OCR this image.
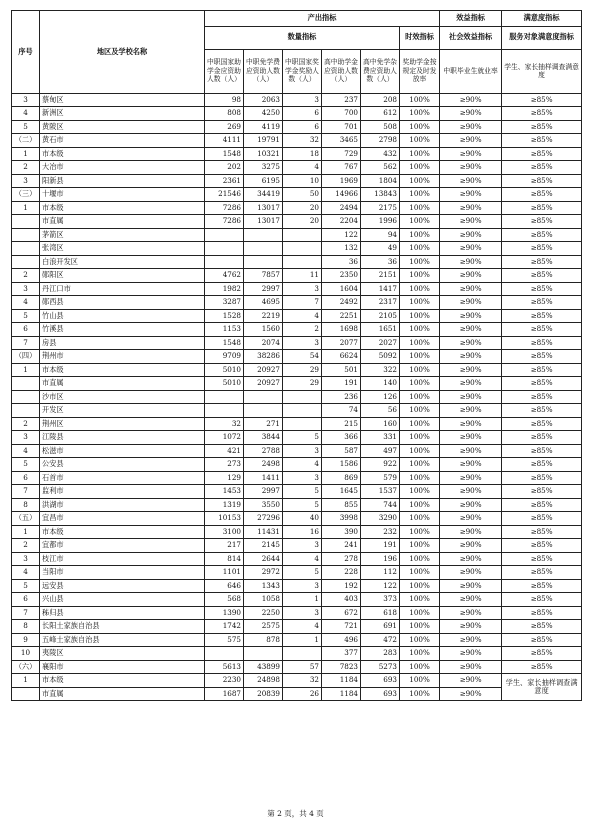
序号	地区及学校名称	产出指标						效益指标	满意度指标
		数量指标					时效指标	社会效益指标	服务对象满意度指标
		中职国家助学金应资助人数（人）	中职免学费应资助人数（人）	中职国家奖学金奖励人数（人）	高中助学金应资助人数（人）	高中免学杂费应资助人数（人）	奖助学金按规定及时发放率	中职毕业生就业率	学生、家长抽样调查满意度
3	蔡甸区	98	2063	3	237	208	100%	≥90%	≥85%
4	新洲区	808	4250	6	700	612	100%	≥90%	≥85%
5	黄陂区	269	4119	6	701	508	100%	≥90%	≥85%
（二）	黄石市	4111	19791	32	3465	2798	100%	≥90%	≥85%
1	市本级	1548	10321	18	729	432	100%	≥90%	≥85%
2	大冶市	202	3275	4	767	562	100%	≥90%	≥85%
3	阳新县	2361	6195	10	1969	1804	100%	≥90%	≥85%
（三）	十堰市	21546	34419	50	14966	13843	100%	≥90%	≥85%
1	市本级	7286	13017	20	2494	2175	100%	≥90%	≥85%
	市直属	7286	13017	20	2204	1996	100%	≥90%	≥85%
	茅箭区				122	94	100%	≥90%	≥85%
	张湾区				132	49	100%	≥90%	≥85%
	白浪开发区				36	36	100%	≥90%	≥85%
2	郧阳区	4762	7857	11	2350	2151	100%	≥90%	≥85%
3	丹江口市	1982	2997	3	1604	1417	100%	≥90%	≥85%
4	郧西县	3287	4695	7	2492	2317	100%	≥90%	≥85%
5	竹山县	1528	2219	4	2251	2105	100%	≥90%	≥85%
6	竹溪县	1153	1560	2	1698	1651	100%	≥90%	≥85%
7	房县	1548	2074	3	2077	2027	100%	≥90%	≥85%
（四）	荆州市	9709	38286	54	6624	5092	100%	≥90%	≥85%
1	市本级	5010	20927	29	501	322	100%	≥90%	≥85%
	市直属	5010	20927	29	191	140	100%	≥90%	≥85%
	沙市区				236	126	100%	≥90%	≥85%
	开发区				74	56	100%	≥90%	≥85%
2	荆州区	32	271		215	160	100%	≥90%	≥85%
3	江陵县	1072	3844	5	366	331	100%	≥90%	≥85%
4	松滋市	421	2788	3	587	497	100%	≥90%	≥85%
5	公安县	273	2498	4	1586	922	100%	≥90%	≥85%
6	石首市	129	1411	3	869	579	100%	≥90%	≥85%
7	监利市	1453	2997	5	1645	1537	100%	≥90%	≥85%
8	洪湖市	1319	3550	5	855	744	100%	≥90%	≥85%
（五）	宜昌市	10153	27296	40	3998	3290	100%	≥90%	≥85%
1	市本级	3100	11431	16	390	232	100%	≥90%	≥85%
2	宜都市	217	2145	3	241	191	100%	≥90%	≥85%
3	枝江市	814	2644	4	278	196	100%	≥90%	≥85%
4	当阳市	1101	2972	5	228	112	100%	≥90%	≥85%
5	远安县	646	1343	3	192	122	100%	≥90%	≥85%
6	兴山县	568	1058	1	403	373	100%	≥90%	≥85%
7	秭归县	1390	2250	3	672	618	100%	≥90%	≥85%
8	长阳土家族自治县	1742	2575	4	721	691	100%	≥90%	≥85%
9	五峰土家族自治县	575	878	1	496	472	100%	≥90%	≥85%
10	夷陵区				377	283	100%	≥90%	≥85%
（六）	襄阳市	5613	43899	57	7823	5273	100%	≥90%	≥85%
1	市本级	2230	24898	32	1184	693	100%	≥90%	学生、家长抽样调查满意度
	市直属	1687	20839	26	1184	693	100%	≥90%	
第 2 页，共 4 页
